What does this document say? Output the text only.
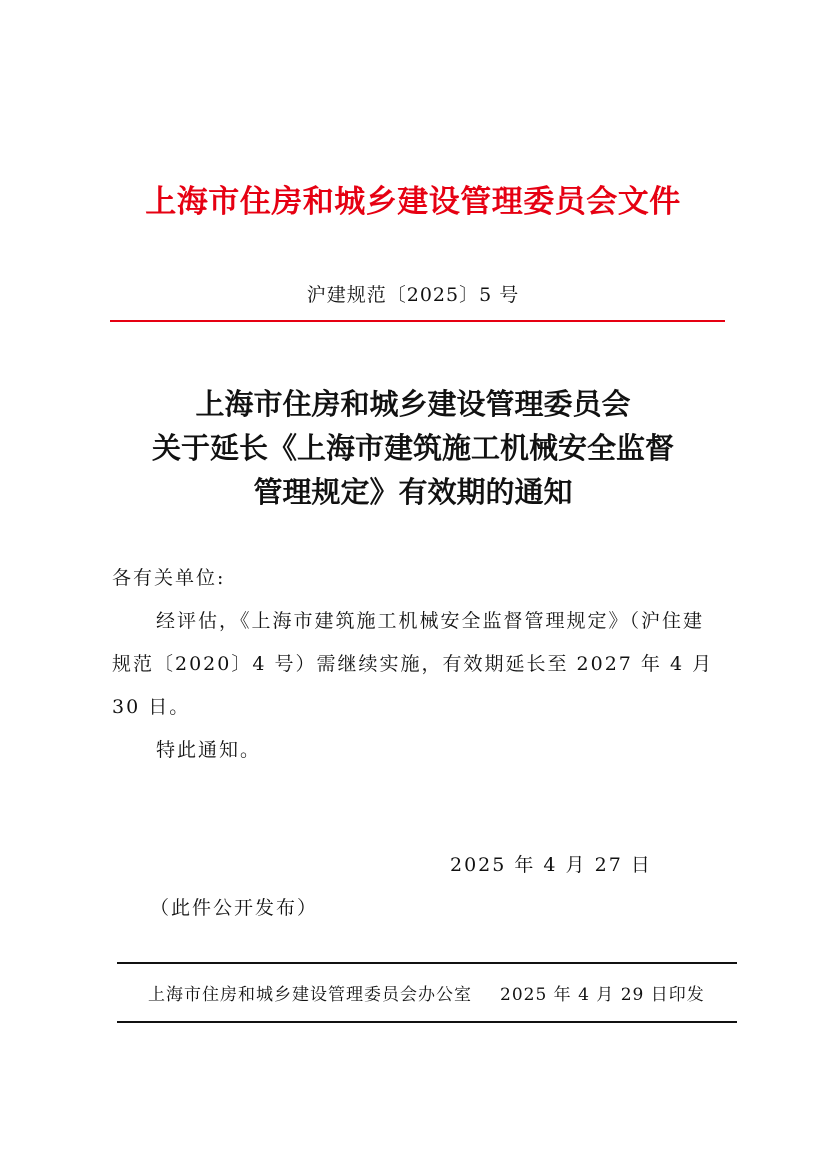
上海市住房和城乡建设管理委员会文件
沪建规范〔2025〕5 号
上海市住房和城乡建设管理委员会
关于延长《上海市建筑施工机械安全监督
管理规定》有效期的通知

各有关单位:

经评估，《上海市建筑施工机械安全监督管理规定》（沪住建规范〔2020〕4 号）需继续实施，有效期延长至 2027 年 4 月 30 日。

特此通知。

2025 年 4 月 27 日
（此件公开发布）
上海市住房和城乡建设管理委员会办公室 2025 年 4 月 29 日印发
